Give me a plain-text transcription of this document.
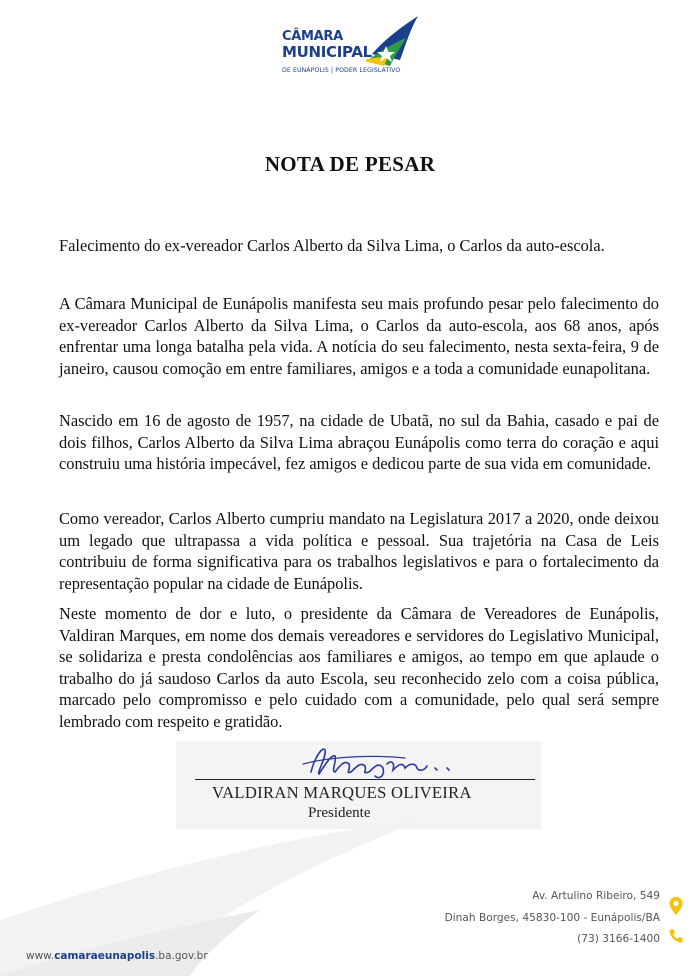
CÂMARA
MUNICIPAL
DE EUNÁPOLIS | PODER LEGISLATIVO
NOTA DE PESAR
Falecimento do ex-vereador Carlos Alberto da Silva Lima, o Carlos da auto-escola.
A Câmara Municipal de Eunápolis manifesta seu mais profundo pesar pelo falecimento do ex-vereador Carlos Alberto da Silva Lima, o Carlos da auto-escola, aos 68 anos, após enfrentar uma longa batalha pela vida. A notícia do seu falecimento, nesta sexta-feira, 9 de janeiro, causou comoção em entre familiares, amigos e a toda a comunidade eunapolitana.
Nascido em 16 de agosto de 1957, na cidade de Ubatã, no sul da Bahia, casado e pai de dois filhos, Carlos Alberto da Silva Lima abraçou Eunápolis como terra do coração e aqui construiu uma história impecável, fez amigos e dedicou parte de sua vida em comunidade.
Como vereador, Carlos Alberto cumpriu mandato na Legislatura 2017 a 2020, onde deixou um legado que ultrapassa a vida política e pessoal. Sua trajetória na Casa de Leis contribuiu de forma significativa para os trabalhos legislativos e para o fortalecimento da representação popular na cidade de Eunápolis.
Neste momento de dor e luto, o presidente da Câmara de Vereadores de Eunápolis, Valdiran Marques, em nome dos demais vereadores e servidores do Legislativo Municipal, se solidariza e presta condolências aos familiares e amigos, ao tempo em que aplaude o trabalho do já saudoso Carlos da auto Escola, seu reconhecido zelo com a coisa pública, marcado pelo compromisso e pelo cuidado com a comunidade, pelo qual será sempre lembrado com respeito e gratidão.
VALDIRAN MARQUES OLIVEIRA
Presidente
Av. Artulino Ribeiro, 549
Dinah Borges, 45830-100 - Eunápolis/BA
(73) 3166-1400
www.camaraeunapolis.ba.gov.br
